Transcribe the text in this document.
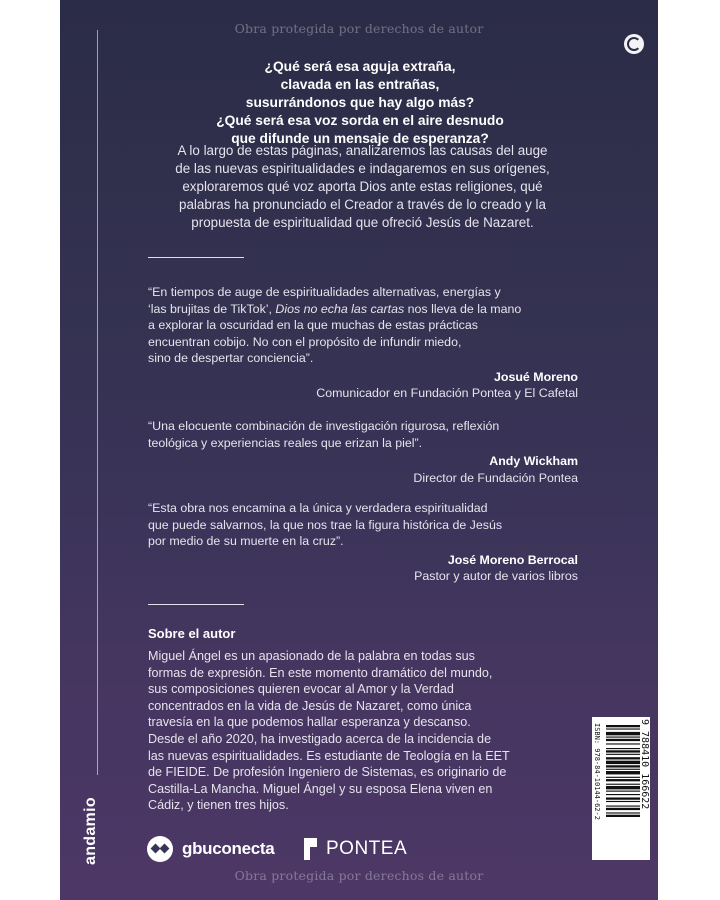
Obra protegida por derechos de autor
¿Qué será esa aguja extraña,
clavada en las entrañas,
susurrándonos que hay algo más?
¿Qué será esa voz sorda en el aire desnudo
que difunde un mensaje de esperanza?
A lo largo de estas páginas, analizaremos las causas del auge
de las nuevas espiritualidades e indagaremos en sus orígenes,
exploraremos qué voz aporta Dios ante estas religiones, qué
palabras ha pronunciado el Creador a través de lo creado y la
propuesta de espiritualidad que ofreció Jesús de Nazaret.
“En tiempos de auge de espiritualidades alternativas, energías y
‘las brujitas de TikTok’, Dios no echa las cartas nos lleva de la mano
a explorar la oscuridad en la que muchas de estas prácticas
encuentran cobijo. No con el propósito de infundir miedo,
sino de despertar conciencia”.
Josué Moreno
Comunicador en Fundación Pontea y El Cafetal
“Una elocuente combinación de investigación rigurosa, reflexión
teológica y experiencias reales que erizan la piel”.
Andy Wickham
Director de Fundación Pontea
“Esta obra nos encamina a la única y verdadera espiritualidad
que puede salvarnos, la que nos trae la figura histórica de Jesús
por medio de su muerte en la cruz”.
José Moreno Berrocal
Pastor y autor de varios libros
Sobre el autor
Miguel Ángel es un apasionado de la palabra en todas sus
formas de expresión. En este momento dramático del mundo,
sus composiciones quieren evocar al Amor y la Verdad
concentrados en la vida de Jesús de Nazaret, como única
travesía en la que podemos hallar esperanza y descanso.
Desde el año 2020, ha investigado acerca de la incidencia de
las nuevas espiritualidades. Es estudiante de Teología en la EET
de FIEIDE. De profesión Ingeniero de Sistemas, es originario de
Castilla-La Mancha. Miguel Ángel y su esposa Elena viven en
Cádiz, y tienen tres hijos.
andamio	gbuconecta	PONTEA
ISBN: 978-84-10144-62-2	9 788410 166622
Obra protegida por derechos de autor
